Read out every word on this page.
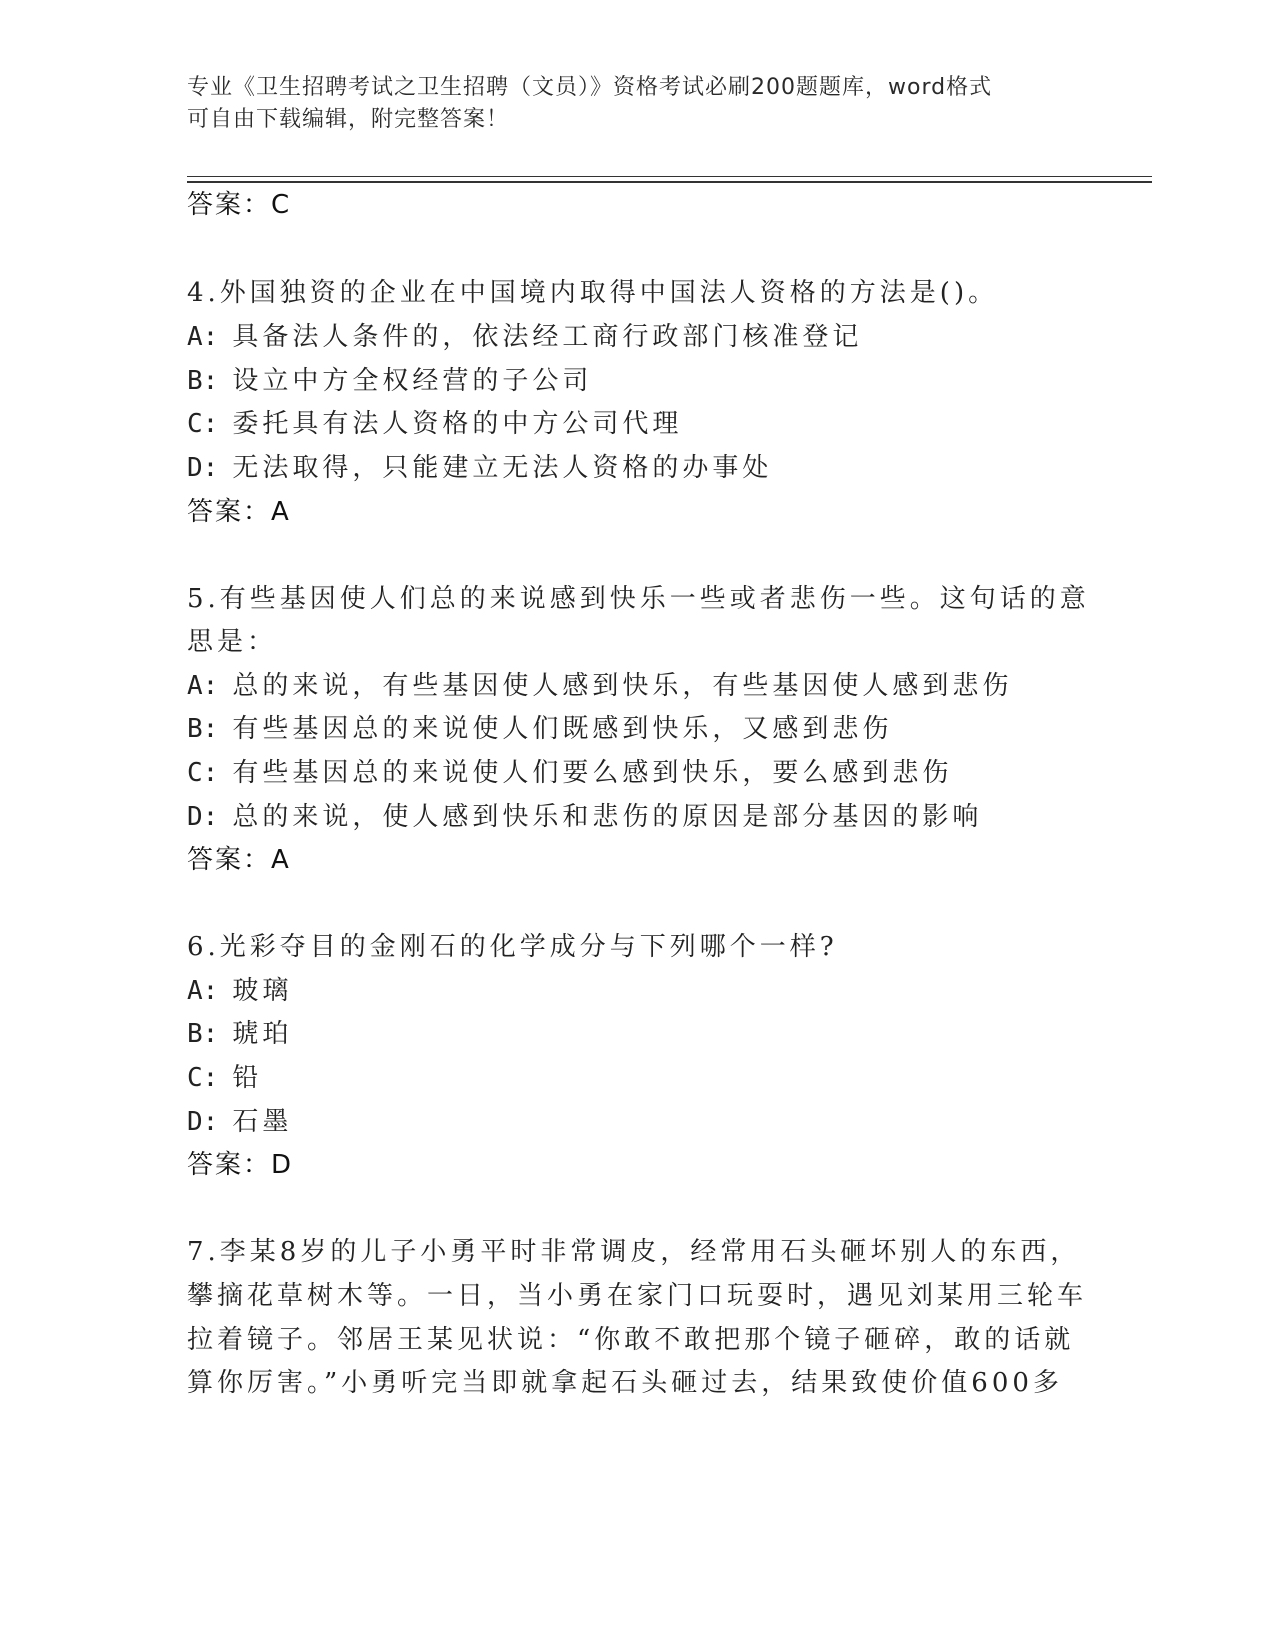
专业《卫生招聘考试之卫生招聘（文员）》资格考试必刷200题题库，word格式
可自由下载编辑，附完整答案！
答案：C
4.外国独资的企业在中国境内取得中国法人资格的方法是()。
A: 具备法人条件的，依法经工商行政部门核准登记
B: 设立中方全权经营的子公司
C: 委托具有法人资格的中方公司代理
D: 无法取得，只能建立无法人资格的办事处
答案：A
5.有些基因使人们总的来说感到快乐一些或者悲伤一些。这句话的意
思是：
A: 总的来说，有些基因使人感到快乐，有些基因使人感到悲伤
B: 有些基因总的来说使人们既感到快乐，又感到悲伤
C: 有些基因总的来说使人们要么感到快乐，要么感到悲伤
D: 总的来说，使人感到快乐和悲伤的原因是部分基因的影响
答案：A
6.光彩夺目的金刚石的化学成分与下列哪个一样?
A: 玻璃
B: 琥珀
C: 铅
D: 石墨
答案：D
7.李某8岁的儿子小勇平时非常调皮，经常用石头砸坏别人的东西，
攀摘花草树木等。一日，当小勇在家门口玩耍时，遇见刘某用三轮车
拉着镜子。邻居王某见状说：“你敢不敢把那个镜子砸碎，敢的话就
算你厉害。”小勇听完当即就拿起石头砸过去，结果致使价值600多
